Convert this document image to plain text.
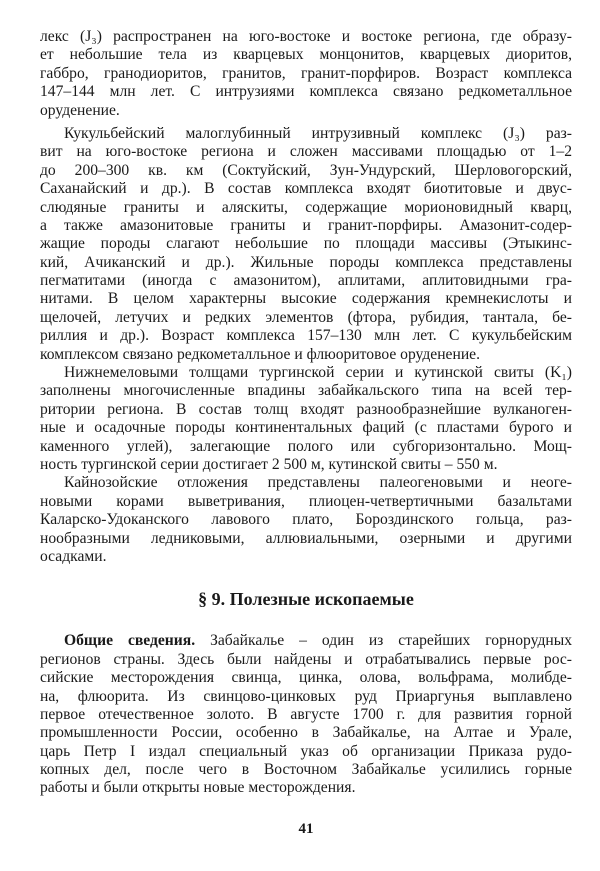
лекс (J₃) распространен на юго-востоке и востоке региона, где образу-
ет небольшие тела из кварцевых монцонитов, кварцевых диоритов,
габбро, гранодиоритов, гранитов, гранит-порфиров. Возраст комплекса
147–144 млн лет. С интрузиями комплекса связано редкометалльное
оруденение.
Кукульбейский малоглубинный интрузивный комплекс (J₃) раз-
вит на юго-востоке региона и сложен массивами площадью от 1–2
до 200–300 кв. км (Соктуйский, Зун-Ундурский, Шерловогорский,
Саханайский и др.). В состав комплекса входят биотитовые и двус-
слюдяные граниты и аляскиты, содержащие морионовидный кварц,
а также амазонитовые граниты и гранит-порфиры. Амазонит-содер-
жащие породы слагают небольшие по площади массивы (Этыкинс-
кий, Ачиканский и др.). Жильные породы комплекса представлены
пегматитами (иногда с амазонитом), аплитами, аплитовидными гра-
нитами. В целом характерны высокие содержания кремнекислоты и
щелочей, летучих и редких элементов (фтора, рубидия, тантала, бе-
риллия и др.). Возраст комплекса 157–130 млн лет. С кукульбейским
комплексом связано редкометалльное и флюоритовое оруденение.
Нижнемеловыми толщами тургинской серии и кутинской свиты (K₁)
заполнены многочисленные впадины забайкальского типа на всей тер-
ритории региона. В состав толщ входят разнообразнейшие вулканоген-
ные и осадочные породы континентальных фаций (с пластами бурого и
каменного углей), залегающие полого или субгоризонтально. Мощ-
ность тургинской серии достигает 2 500 м, кутинской свиты – 550 м.
Кайнозойские отложения представлены палеогеновыми и неоге-
новыми корами выветривания, плиоцен-четвертичными базальтами
Каларско-Удоканского лавового плато, Бороздинского гольца, раз-
нообразными ледниковыми, аллювиальными, озерными и другими
осадками.
§ 9. Полезные ископаемые
Общие сведения. Забайкалье – один из старейших горнорудных
регионов страны. Здесь были найдены и отрабатывались первые рос-
сийские месторождения свинца, цинка, олова, вольфрама, молибде-
на, флюорита. Из свинцово-цинковых руд Приаргунья выплавлено
первое отечественное золото. В августе 1700 г. для развития горной
промышленности России, особенно в Забайкалье, на Алтае и Урале,
царь Петр I издал специальный указ об организации Приказа рудо-
копных дел, после чего в Восточном Забайкалье усилились горные
работы и были открыты новые месторождения.
41
